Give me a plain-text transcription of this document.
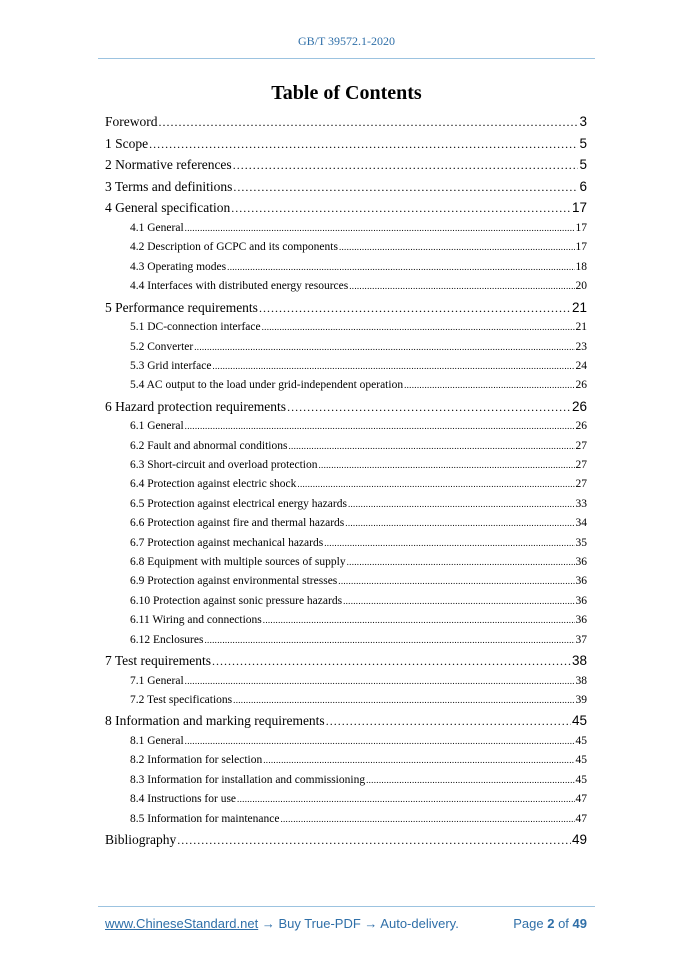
GB/T 39572.1-2020
Table of Contents
Foreword .....	3
1 Scope .....	5
2 Normative references .....	5
3 Terms and definitions .....	6
4 General specification .....	17
4.1 General .....	17
4.2 Description of GCPC and its components .....	17
4.3 Operating modes .....	18
4.4 Interfaces with distributed energy resources .....	20
5 Performance requirements .....	21
5.1 DC-connection interface .....	21
5.2 Converter .....	23
5.3 Grid interface .....	24
5.4 AC output to the load under grid-independent operation .....	26
6 Hazard protection requirements .....	26
6.1 General .....	26
6.2 Fault and abnormal conditions .....	27
6.3 Short-circuit and overload protection .....	27
6.4 Protection against electric shock .....	27
6.5 Protection against electrical energy hazards .....	33
6.6 Protection against fire and thermal hazards .....	34
6.7 Protection against mechanical hazards .....	35
6.8 Equipment with multiple sources of supply .....	36
6.9 Protection against environmental stresses .....	36
6.10 Protection against sonic pressure hazards .....	36
6.11 Wiring and connections .....	36
6.12 Enclosures .....	37
7 Test requirements .....	38
7.1 General .....	38
7.2 Test specifications .....	39
8 Information and marking requirements .....	45
8.1 General .....	45
8.2 Information for selection .....	45
8.3 Information for installation and commissioning .....	45
8.4 Instructions for use .....	47
8.5 Information for maintenance .....	47
Bibliography .....	49
www.ChineseStandard.net → Buy True-PDF → Auto-delivery.	Page 2 of 49
